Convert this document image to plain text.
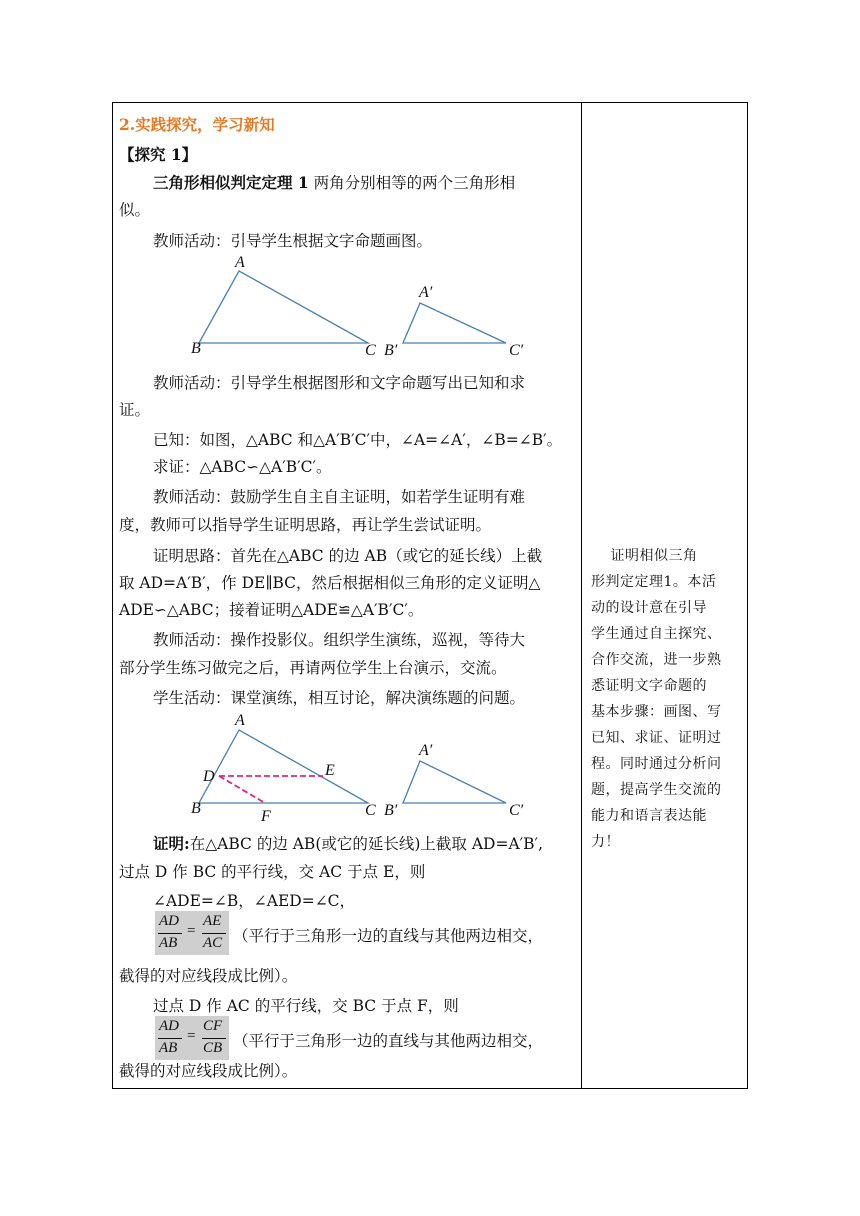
2.实践探究，学习新知
【探究 1】
三角形相似判定定理 1 两角分别相等的两个三角形相
似。
教师活动：引导学生根据文字命题画图。
A
B	C
A′
B′	C′
教师活动：引导学生根据图形和文字命题写出已知和求
证。
已知：如图，△ABC 和△A′B′C′中，∠A=∠A′，∠B=∠B′。
求证：△ABC∽△A′B′C′。
教师活动：鼓励学生自主自主证明，如若学生证明有难
度，教师可以指导学生证明思路，再让学生尝试证明。
证明思路：首先在△ABC 的边 AB（或它的延长线）上截
取 AD=A′B′，作 DE∥BC，然后根据相似三角形的定义证明△
ADE∽△ABC；接着证明△ADE≌△A′B′C′。
教师活动：操作投影仪。组织学生演练，巡视，等待大
部分学生练习做完之后，再请两位学生上台演示，交流。
学生活动：课堂演练，相互讨论，解决演练题的问题。
A
D	E
B	F	C
A′
B′	C′
证明:在△ABC 的边 AB(或它的延长线)上截取 AD=A′B′,
过点 D 作 BC 的平行线，交 AC 于点 E，则
∠ADE=∠B，∠AED=∠C，
AD
AB
=
AE
AC （平行于三角形一边的直线与其他两边相交，
截得的对应线段成比例）。
过点 D 作 AC 的平行线，交 BC 于点 F，则
AD
AB
=
CF
CB （平行于三角形一边的直线与其他两边相交，
截得的对应线段成比例）。
　 证明相似三角
形判定定理1。本活
动的设计意在引导
学生通过自主探究、
合作交流，进一步熟
悉证明文字命题的
基本步骤：画图、写
已知、求证、证明过
程。同时通过分析问
题，提高学生交流的
能力和语言表达能
力！
